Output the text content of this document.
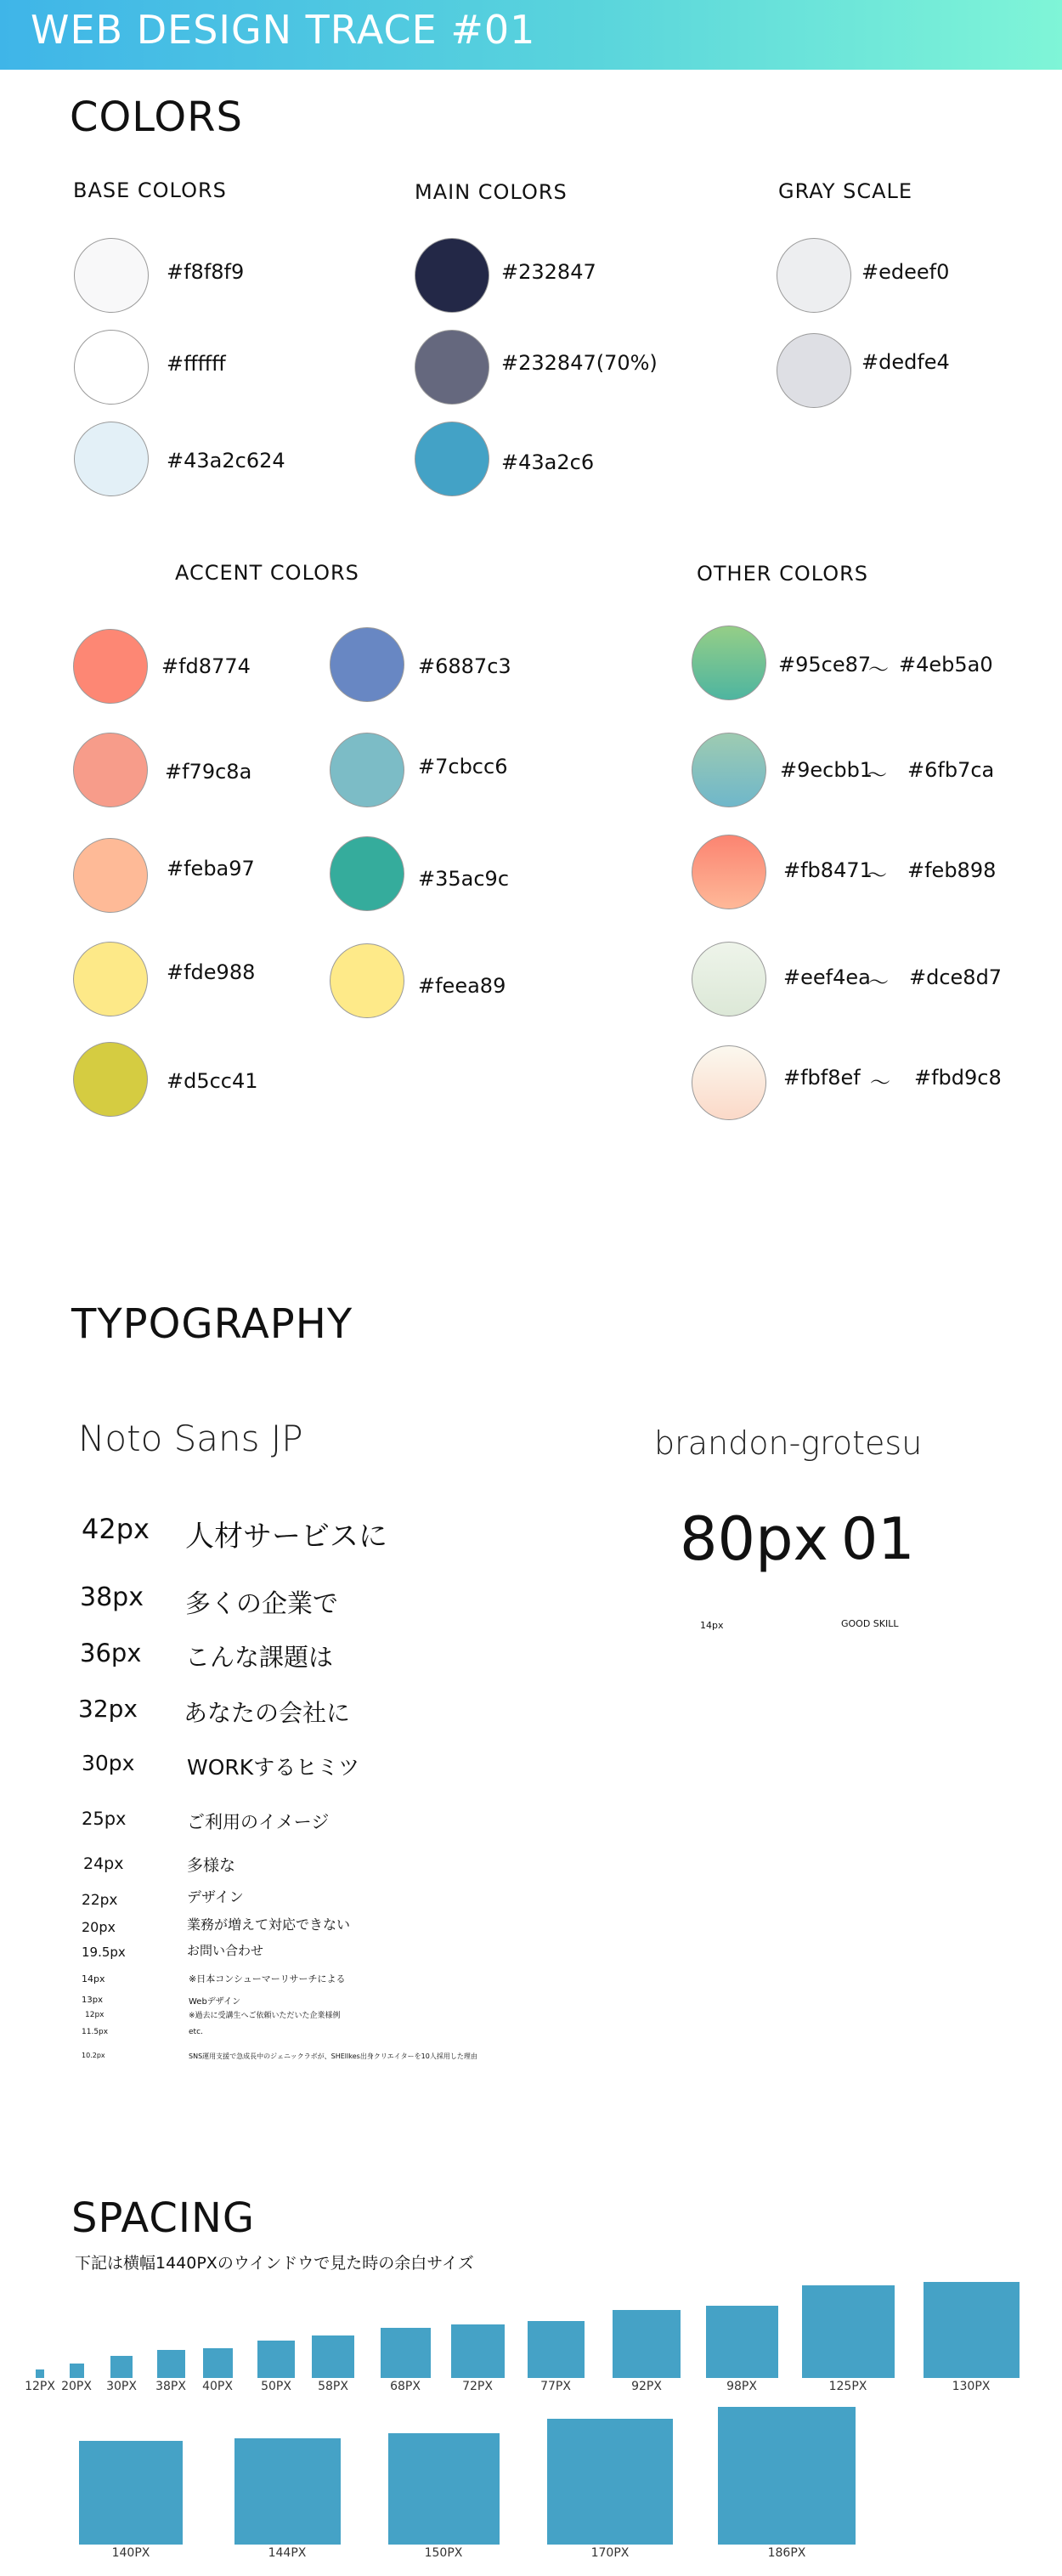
WEB DESIGN TRACE #01
COLORS
BASE COLORS	MAIN COLORS	GRAY SCALE
ACCENT COLORS	OTHER COLORS
#f8f8f9
#ffffff
#43a2c624
#232847
#232847(70%)
#43a2c6
#edeef0
#dedfe4
#fd8774
#f79c8a
#feba97
#fde988
#d5cc41
#6887c3
#7cbcc6
#35ac9c
#feea89
#95ce87
〜 #4eb5a0
#9ecbb1
〜 #6fb7ca
#fb8471
〜 #feb898
#eef4ea
〜 #dce8d7
#fbf8ef 〜 #fbd9c8
TYPOGRAPHY
Noto Sans JP	brandon-grotesu
42px 人材サービスに
38px 多くの企業で
36px こんな課題は
32px あなたの会社に
30px WORKするヒミツ
25px	ご利用のイメージ
24px	多様な
22px	デザイン
20px	業務が増えて対応できない
19.5px	お問い合わせ
14px	※日本コンシューマーリサーチによる
13px	Webデザイン
12px	※過去に受講生へご依頼いただいた企業様例
11.5px	etc.
10.2px	SNS運用支援で急成長中のジェニックラボが、SHEIlkes出身クリエイターを10人採用した理由
80px 01
14px	GOOD SKILL
SPACING
下記は横幅1440PXのウインドウで見た時の余白サイズ
12PX 20PX 30PX 38PX 40PX 50PX 58PX	68PX	72PX	77PX	92PX	98PX	125PX	130PX
140PX	144PX	150PX	170PX	186PX
